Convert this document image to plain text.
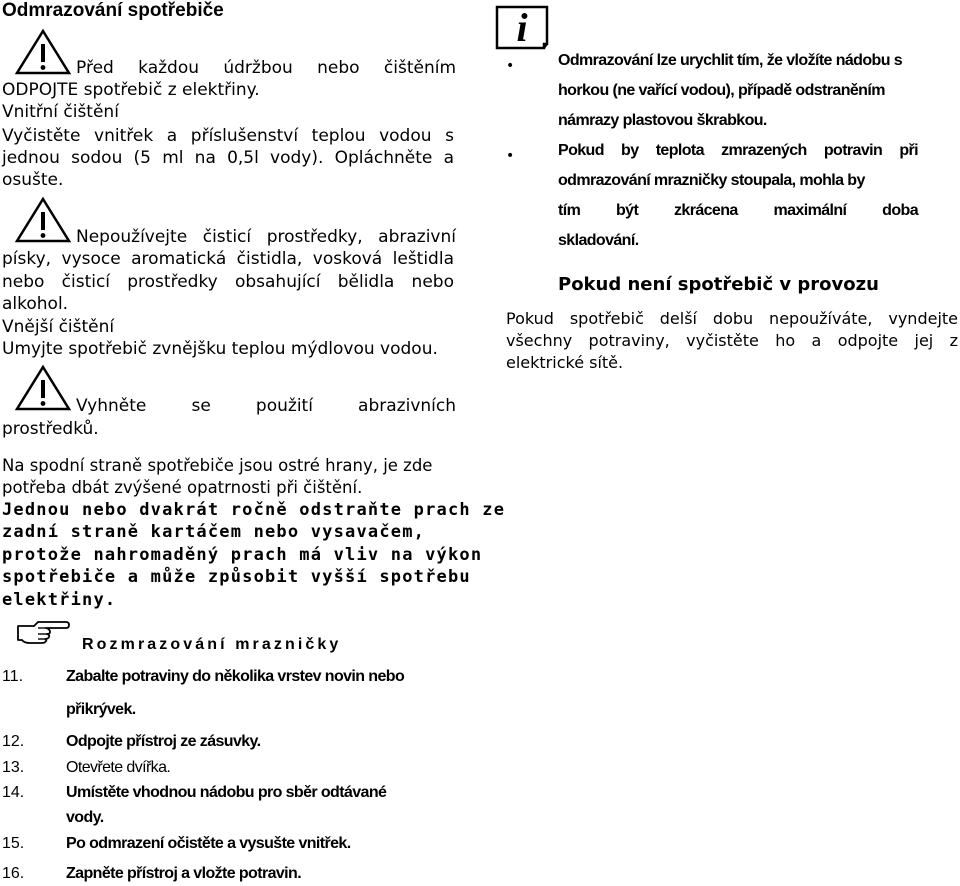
Odmrazování spotřebiče
Před každou údržbou nebo čištěním
ODPOJTE spotřebič z elektřiny.
Vnitřní čištění
Vyčistěte vnitřek a příslušenství teplou vodou s
jednou sodou (5 ml na 0,5l vody). Opláchněte a
osušte.
Nepoužívejte čisticí prostředky, abrazivní
písky, vysoce aromatická čistidla, vosková leštidla
nebo čisticí prostředky obsahující bělidla nebo
alkohol.
Vnější čištění
Umyjte spotřebič zvnějšku teplou mýdlovou vodou.
Vyhněte se použití abrazivních
prostředků.
Na spodní straně spotřebiče jsou ostré hrany, je zde
potřeba dbát zvýšené opatrnosti při čištění.
Jednou nebo dvakrát ročně odstraňte prach ze
zadní straně kartáčem nebo vysavačem,
protože nahromaděný prach má vliv na výkon
spotřebiče a může způsobit vyšší spotřebu
elektřiny.
Rozmrazování mrazničky
11.	Zabalte potraviny do několika vrstev novin nebo
přikrývek.
12.	Odpojte přístroj ze zásuvky.
13.	Otevřete dvířka.
14.	Umístěte vhodnou nádobu pro sběr odtávané
vody.
15.	Po odmrazení očistěte a vysušte vnitřek.
16.	Zapněte přístroj a vložte potravin.
i
•	Odmrazování lze urychlit tím, že vložíte nádobu s
horkou (ne vařící vodou), případě odstraněním
námrazy plastovou škrabkou.
•	Pokud by teplota zmrazených potravin při
odmrazování mrazničky stoupala, mohla by
tím být zkrácena maximální doba
skladování.
Pokud není spotřebič v provozu
Pokud spotřebič delší dobu nepoužíváte, vyndejte
všechny potraviny, vyčistěte ho a odpojte jej z
elektrické sítě.
